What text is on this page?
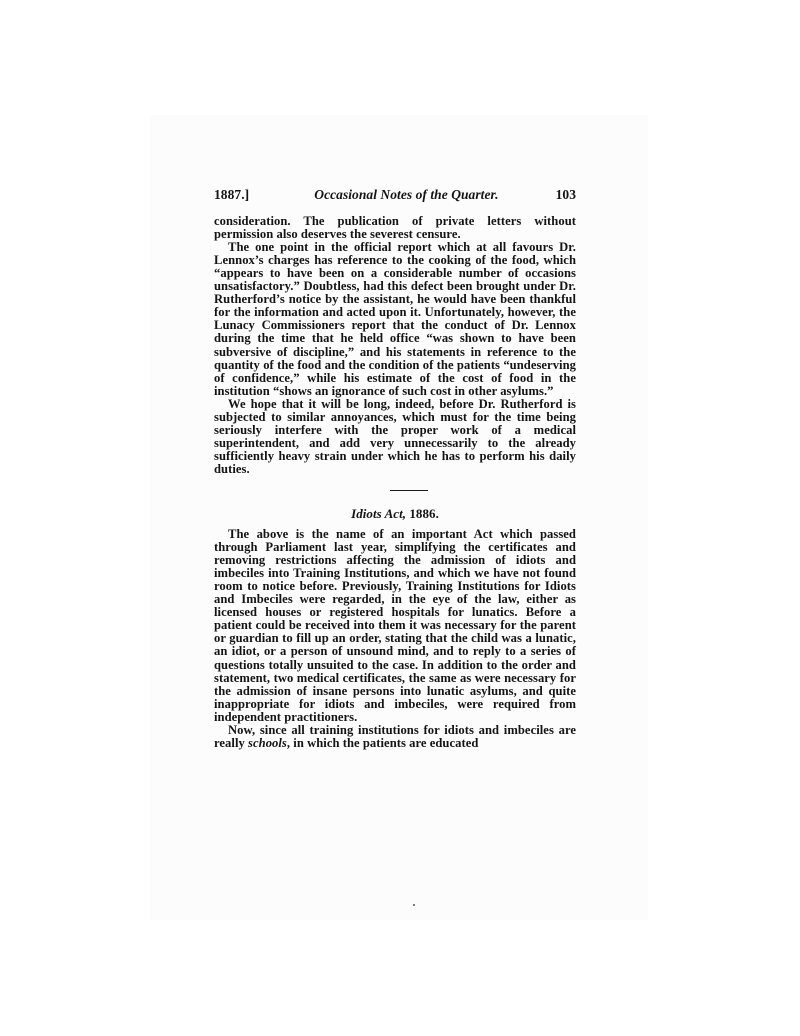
1887.]	Occasional Notes of the Quarter.	103

consideration. The publication of private letters without permission also deserves the severest censure.

The one point in the official report which at all favours Dr. Lennox’s charges has reference to the cooking of the food, which “appears to have been on a considerable number of occasions unsatisfactory.” Doubtless, had this defect been brought under Dr. Rutherford’s notice by the assistant, he would have been thankful for the information and acted upon it. Unfortunately, however, the Lunacy Commissioners report that the conduct of Dr. Lennox during the time that he held office “was shown to have been subversive of discipline,” and his statements in reference to the quantity of the food and the condition of the patients “undeserving of confidence,” while his estimate of the cost of food in the institution “shows an ignorance of such cost in other asylums.”

We hope that it will be long, indeed, before Dr. Rutherford is subjected to similar annoyances, which must for the time being seriously interfere with the proper work of a medical superintendent, and add very unnecessarily to the already sufficiently heavy strain under which he has to perform his daily duties.

Idiots Act, 1886.

The above is the name of an important Act which passed through Parliament last year, simplifying the certificates and removing restrictions affecting the admission of idiots and imbeciles into Training Institutions, and which we have not found room to notice before. Previously, Training Institutions for Idiots and Imbeciles were regarded, in the eye of the law, either as licensed houses or registered hospitals for lunatics. Before a patient could be received into them it was necessary for the parent or guardian to fill up an order, stating that the child was a lunatic, an idiot, or a person of unsound mind, and to reply to a series of questions totally unsuited to the case. In addition to the order and statement, two medical certificates, the same as were necessary for the admission of insane persons into lunatic asylums, and quite inappropriate for idiots and imbeciles, were required from independent practitioners.

Now, since all training institutions for idiots and imbeciles are really schools, in which the patients are educated
